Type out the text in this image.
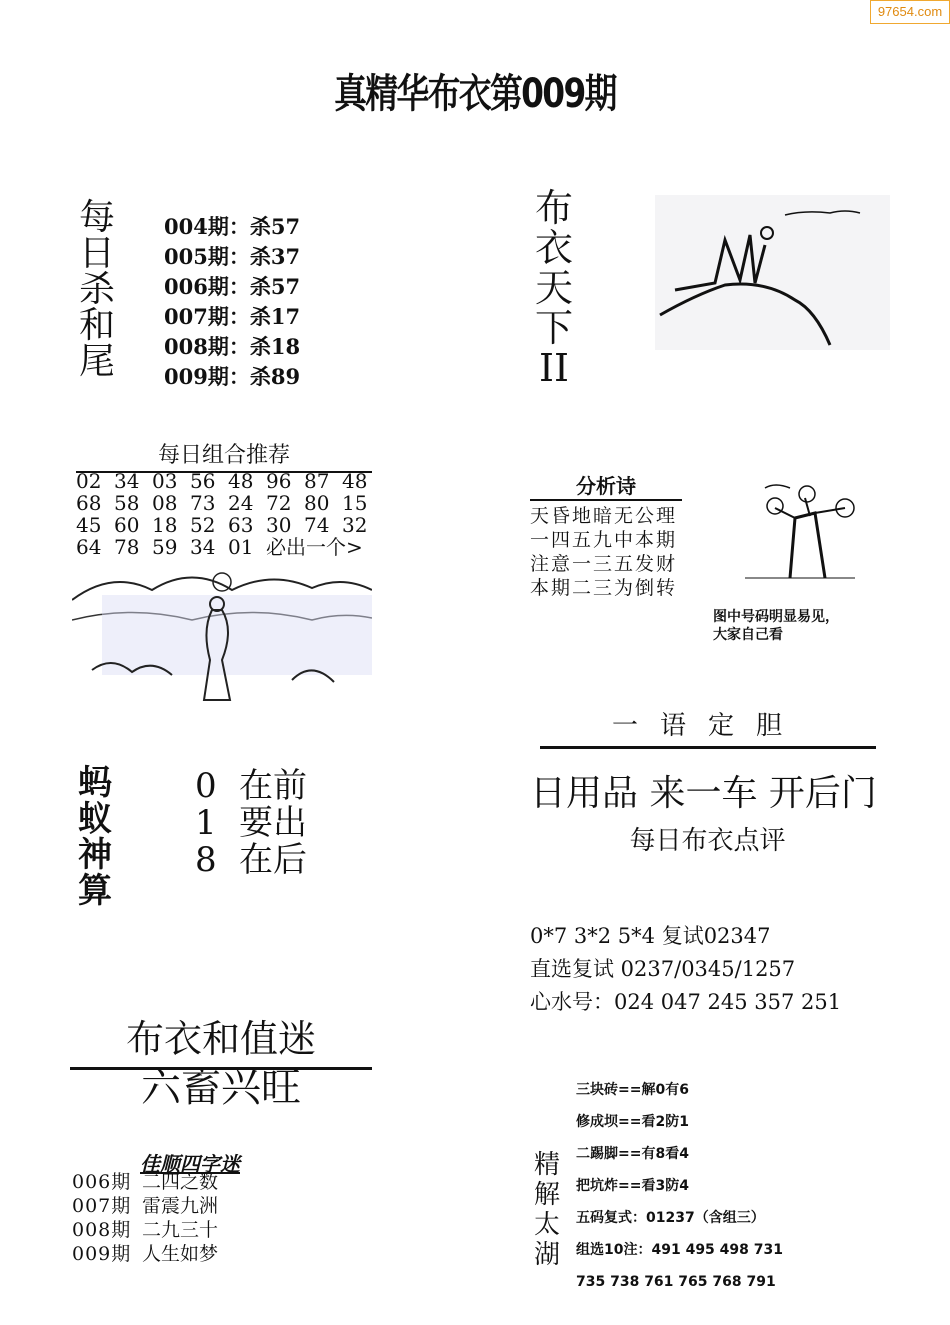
97654.com
真精华布衣第009期
每
日
杀
和
尾
004期：杀57
005期：杀37
006期：杀57
007期：杀17
008期：杀18
009期：杀89
每日组合推荐
02 34 03 56 48 96 87 48
68 58 08 73 24 72 80 15
45 60 18 52 63 30 74 32
64 78 59 34 01 必出一个>
蚂
蚁
神
算
0 在前
1 要出
8 在后
布衣和值迷
六畜兴旺
佳顺四字迷
006期 二四之数
007期 雷震九洲
008期 二九三十
009期 人生如梦
布
衣
天
下
II
分析诗
天昏地暗无公理
一四五九中本期
注意一三五发财
本期二三为倒转
图中号码明显易见，
大家自己看
一语定胆
日用品 来一车 开后门
每日布衣点评
0*7 3*2 5*4 复试02347
直选复试 0237/0345/1257
心水号：024 047 245 357 251
精
解
太
湖
三块砖==解0有6
修成坝==看2防1
二踢脚==有8看4
把坑炸==看3防4
五码复式：01237（含组三）
组选10注：491 495 498 731
735 738 761 765 768 791
